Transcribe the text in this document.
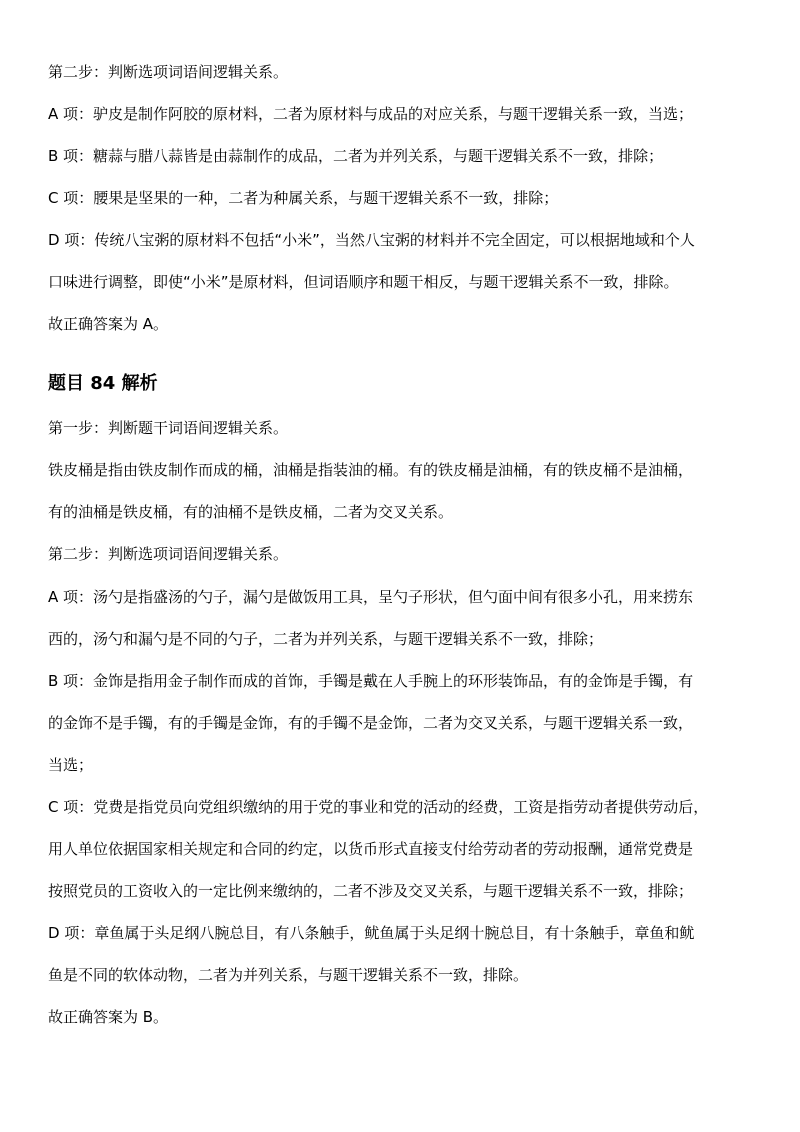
第二步：判断选项词语间逻辑关系。
A 项：驴皮是制作阿胶的原材料，二者为原材料与成品的对应关系，与题干逻辑关系一致，当选；
B 项：糖蒜与腊八蒜皆是由蒜制作的成品，二者为并列关系，与题干逻辑关系不一致，排除；
C 项：腰果是坚果的一种，二者为种属关系，与题干逻辑关系不一致，排除；
D 项：传统八宝粥的原材料不包括“小米”，当然八宝粥的材料并不完全固定，可以根据地域和个人
口味进行调整，即使“小米”是原材料，但词语顺序和题干相反，与题干逻辑关系不一致，排除。
故正确答案为 A。
题目 84 解析
第一步：判断题干词语间逻辑关系。
铁皮桶是指由铁皮制作而成的桶，油桶是指装油的桶。有的铁皮桶是油桶，有的铁皮桶不是油桶，
有的油桶是铁皮桶，有的油桶不是铁皮桶，二者为交叉关系。
第二步：判断选项词语间逻辑关系。
A 项：汤勺是指盛汤的勺子，漏勺是做饭用工具，呈勺子形状，但勺面中间有很多小孔，用来捞东
西的，汤勺和漏勺是不同的勺子，二者为并列关系，与题干逻辑关系不一致，排除；
B 项：金饰是指用金子制作而成的首饰，手镯是戴在人手腕上的环形装饰品，有的金饰是手镯，有
的金饰不是手镯，有的手镯是金饰，有的手镯不是金饰，二者为交叉关系，与题干逻辑关系一致，
当选；
C 项：党费是指党员向党组织缴纳的用于党的事业和党的活动的经费，工资是指劳动者提供劳动后，
用人单位依据国家相关规定和合同的约定，以货币形式直接支付给劳动者的劳动报酬，通常党费是
按照党员的工资收入的一定比例来缴纳的，二者不涉及交叉关系，与题干逻辑关系不一致，排除；
D 项：章鱼属于头足纲八腕总目，有八条触手，鱿鱼属于头足纲十腕总目，有十条触手，章鱼和鱿
鱼是不同的软体动物，二者为并列关系，与题干逻辑关系不一致，排除。
故正确答案为 B。
